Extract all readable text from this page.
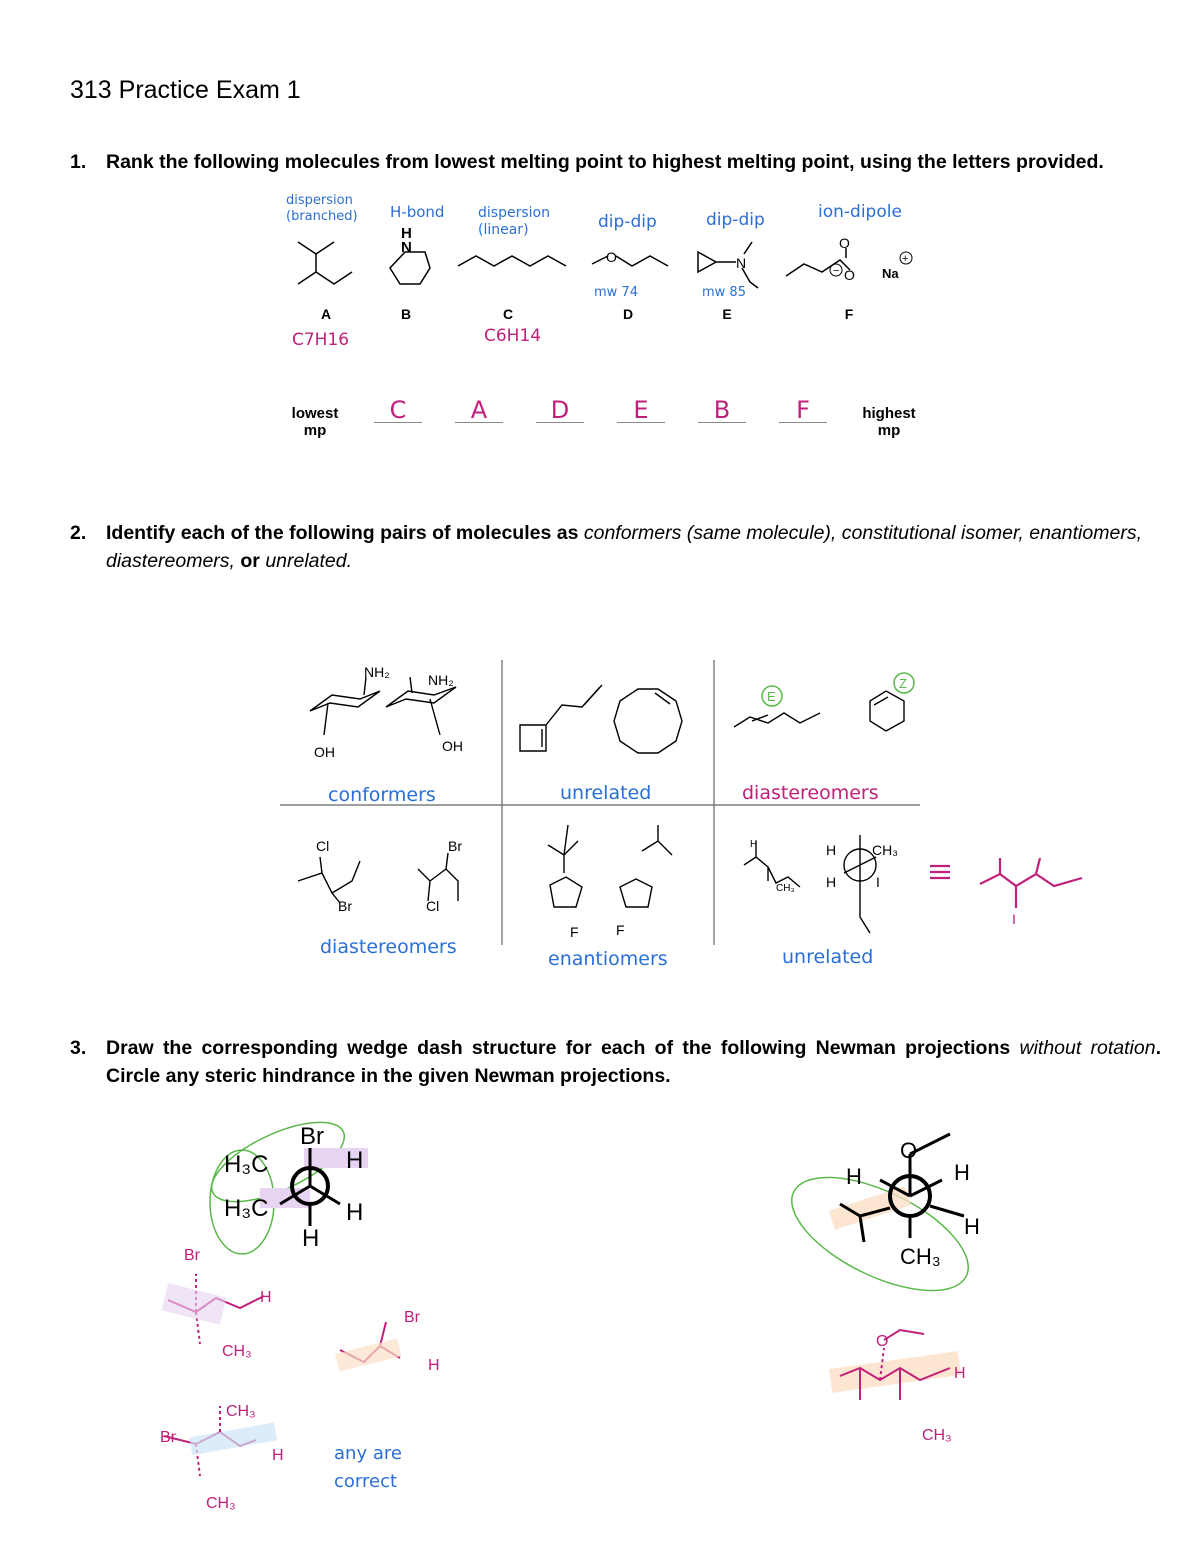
313 Practice Exam 1
1. Rank the following molecules from lowest melting point to highest melting point, using the letters provided.
dispersion (branched)	H-bond dispersion (linear)	dip-dip	dip-dip	ion-dipole
mw 74	mw 85
C7H16	C6H14
A	B	C	D	E	F
H
N
O	N
O
O Na
+
−
lowest mp
highest mp
C	A	D	E	B	F
2. Identify each of the following pairs of molecules as conformers (same molecule), constitutional isomer, enantiomers, diastereomers, or unrelated.
NH₂	NH₂
OH	OH
Cl
Br
Br
Cl
F	F
H	CH₃
H	I
CH₃
H
E
Z
conformers	unrelated	diastereomers
diastereomers
enantiomers	unrelated
I
3. Draw the corresponding wedge dash structure for each of the following Newman projections without rotation. Circle any steric hindrance in the given Newman projections.
Br
H₃C
H₃C
H
H
H
Br
H
CH₃
Br
H
Br
CH₃
H
CH₃
any are correct
O
H	H
H
CH₃
O
H
CH₃
